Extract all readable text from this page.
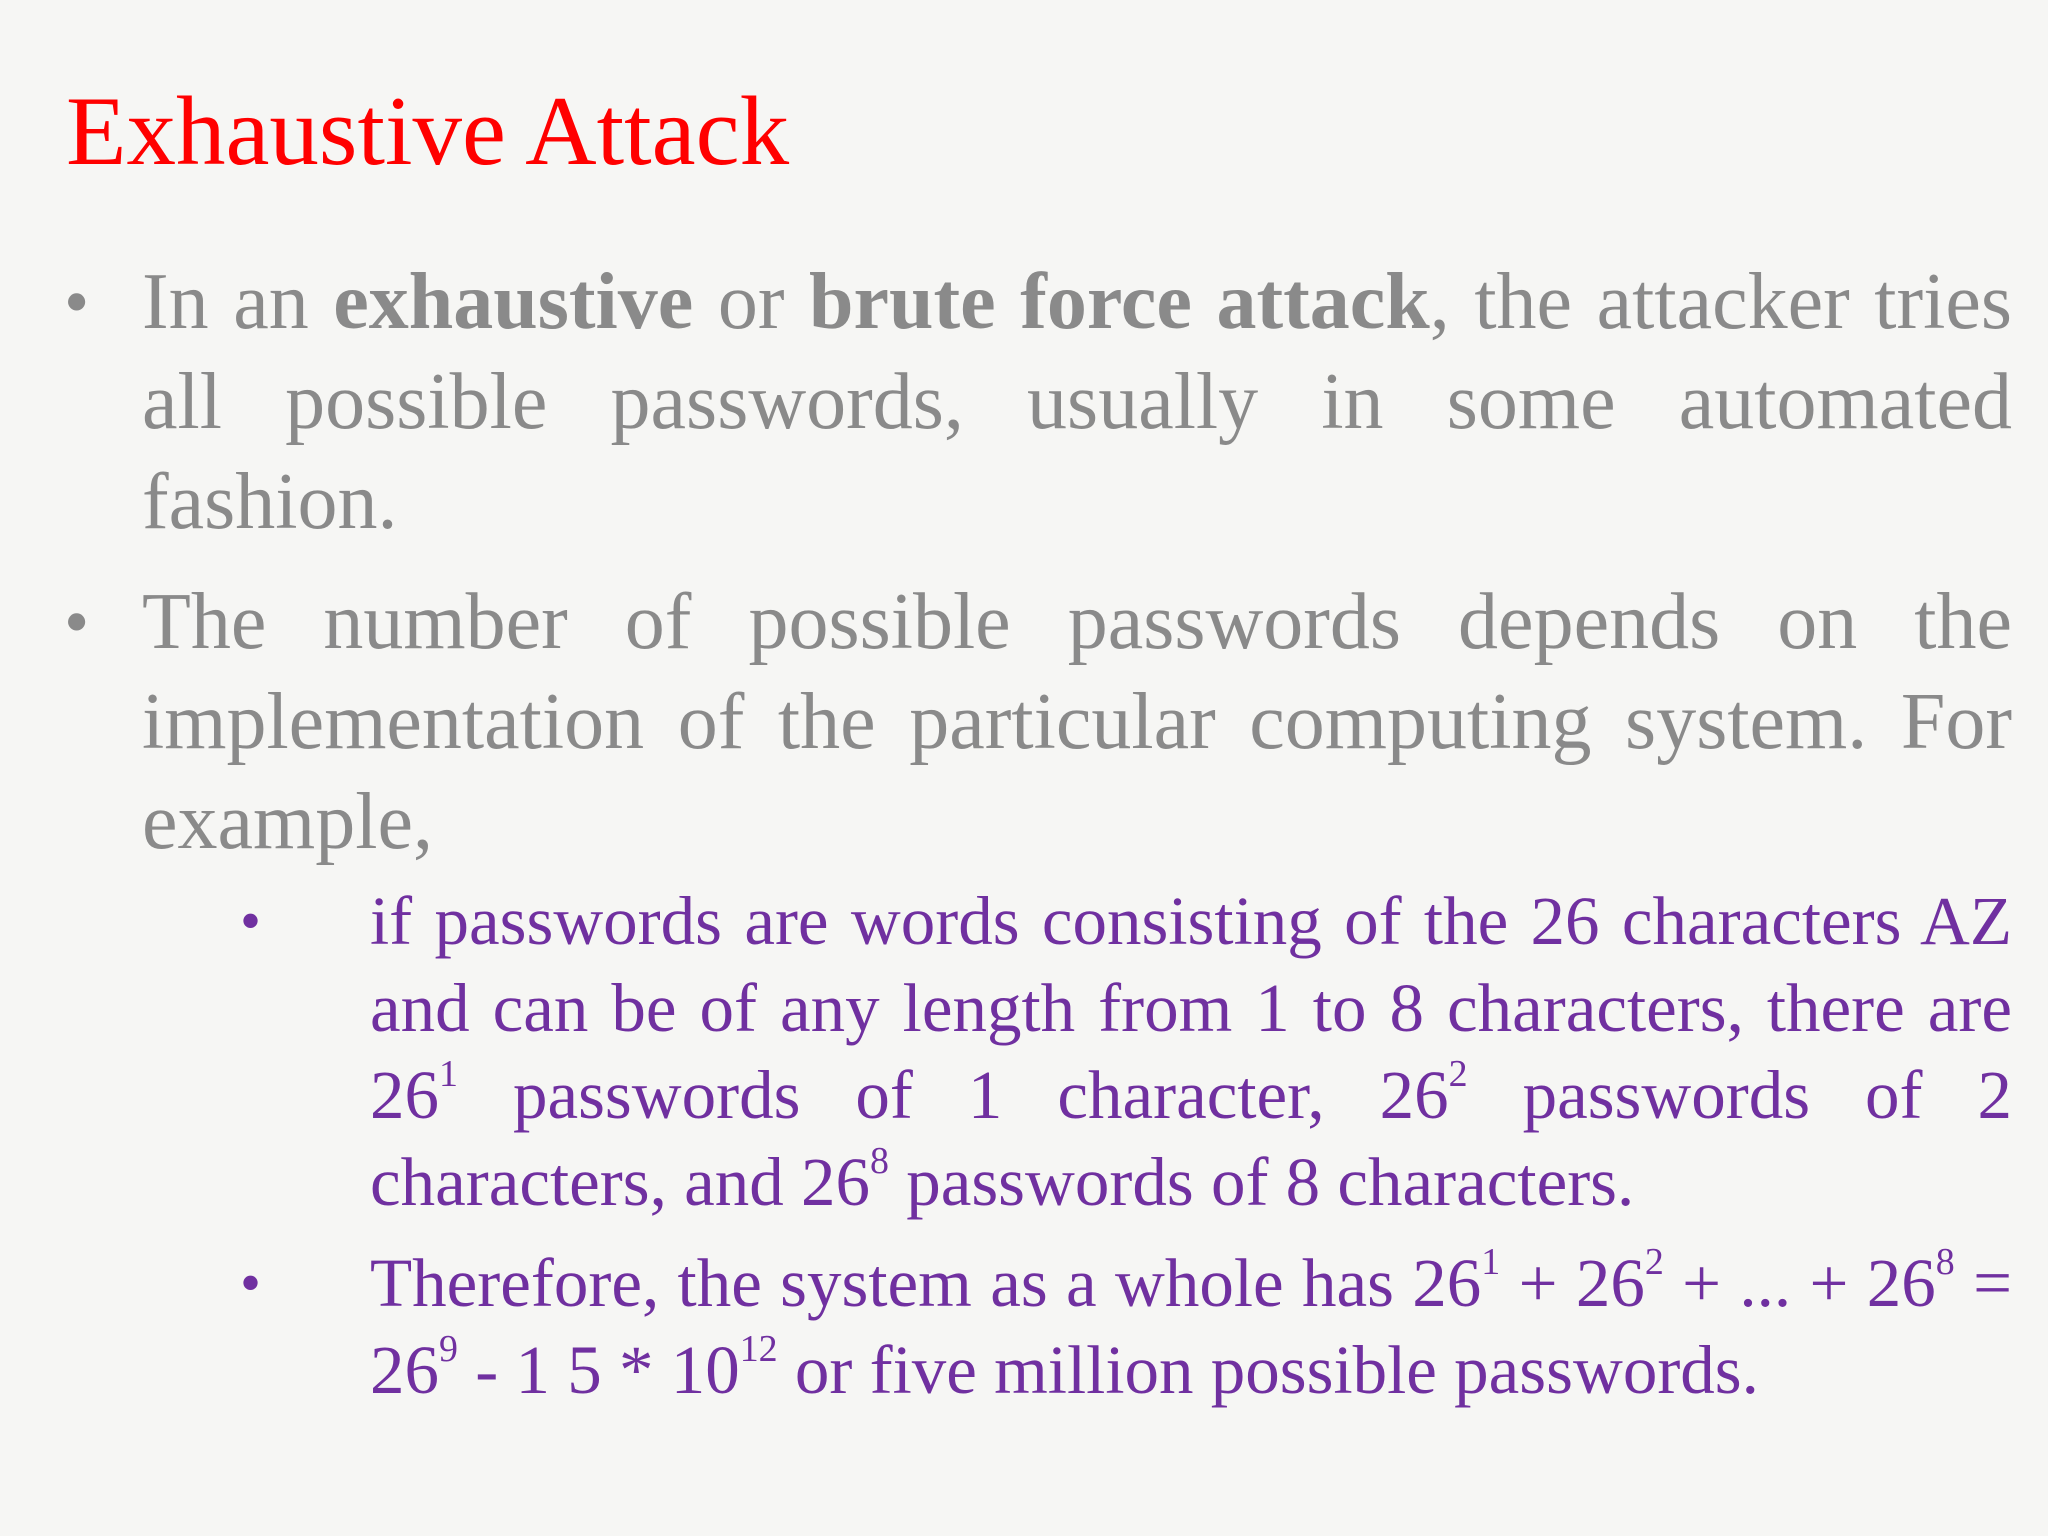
Exhaustive Attack
• In an exhaustive or brute force attack, the attacker tries all possible passwords, usually in some automated fashion.
• The number of possible passwords depends on the implementation of the particular computing system. For example,
• if passwords are words consisting of the 26 characters AZ and can be of any length from 1 to 8 characters, there are $26^1$ passwords of 1 character, $26^2$ passwords of 2 characters, and $26^8$ passwords of 8 characters.
• Therefore, the system as a whole has $26^1 + 26^2$ + ... + $26^8 = 26^9 - 1$ $5 * 10^{12}$ or five million possible passwords.
